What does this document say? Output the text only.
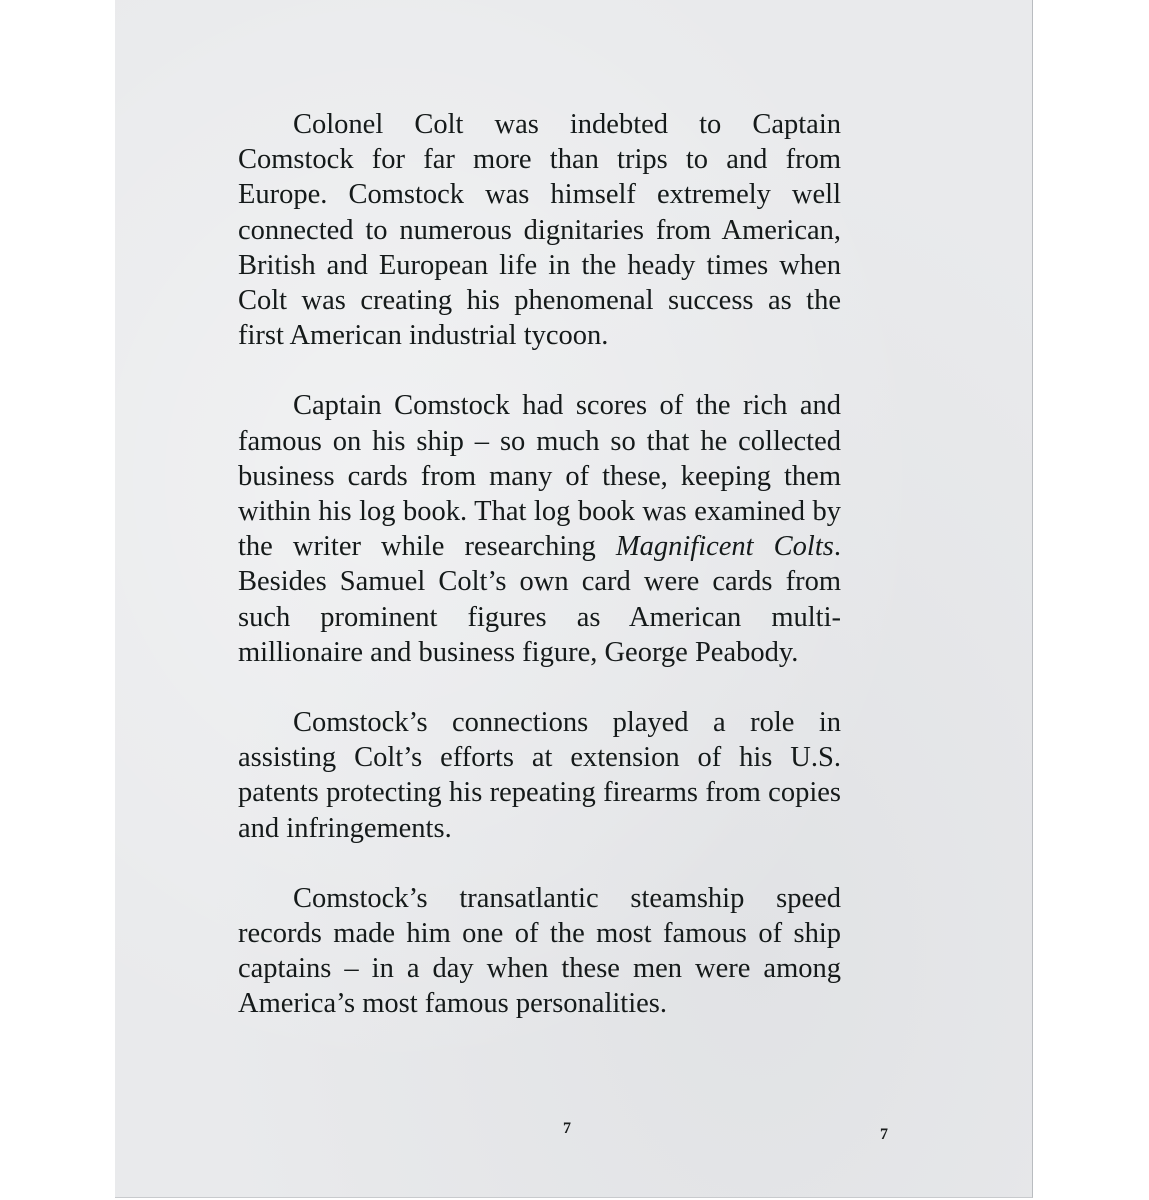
Colonel Colt was indebted to Captain Comstock for far more than trips to and from Europe. Comstock was himself extremely well connected to numerous dignitaries from American, British and European life in the heady times when Colt was creating his phenomenal success as the first American industrial tycoon.

Captain Comstock had scores of the rich and famous on his ship – so much so that he collected business cards from many of these, keeping them within his log book. That log book was examined by the writer while researching Magnificent Colts. Besides Samuel Colt’s own card were cards from such prominent figures as American multi-millionaire and business figure, George Peabody.

Comstock’s connections played a role in assisting Colt’s efforts at extension of his U.S. patents protecting his repeating firearms from copies and infringements.

Comstock’s transatlantic steamship speed records made him one of the most famous of ship captains – in a day when these men were among America’s most famous personalities.

7	7
